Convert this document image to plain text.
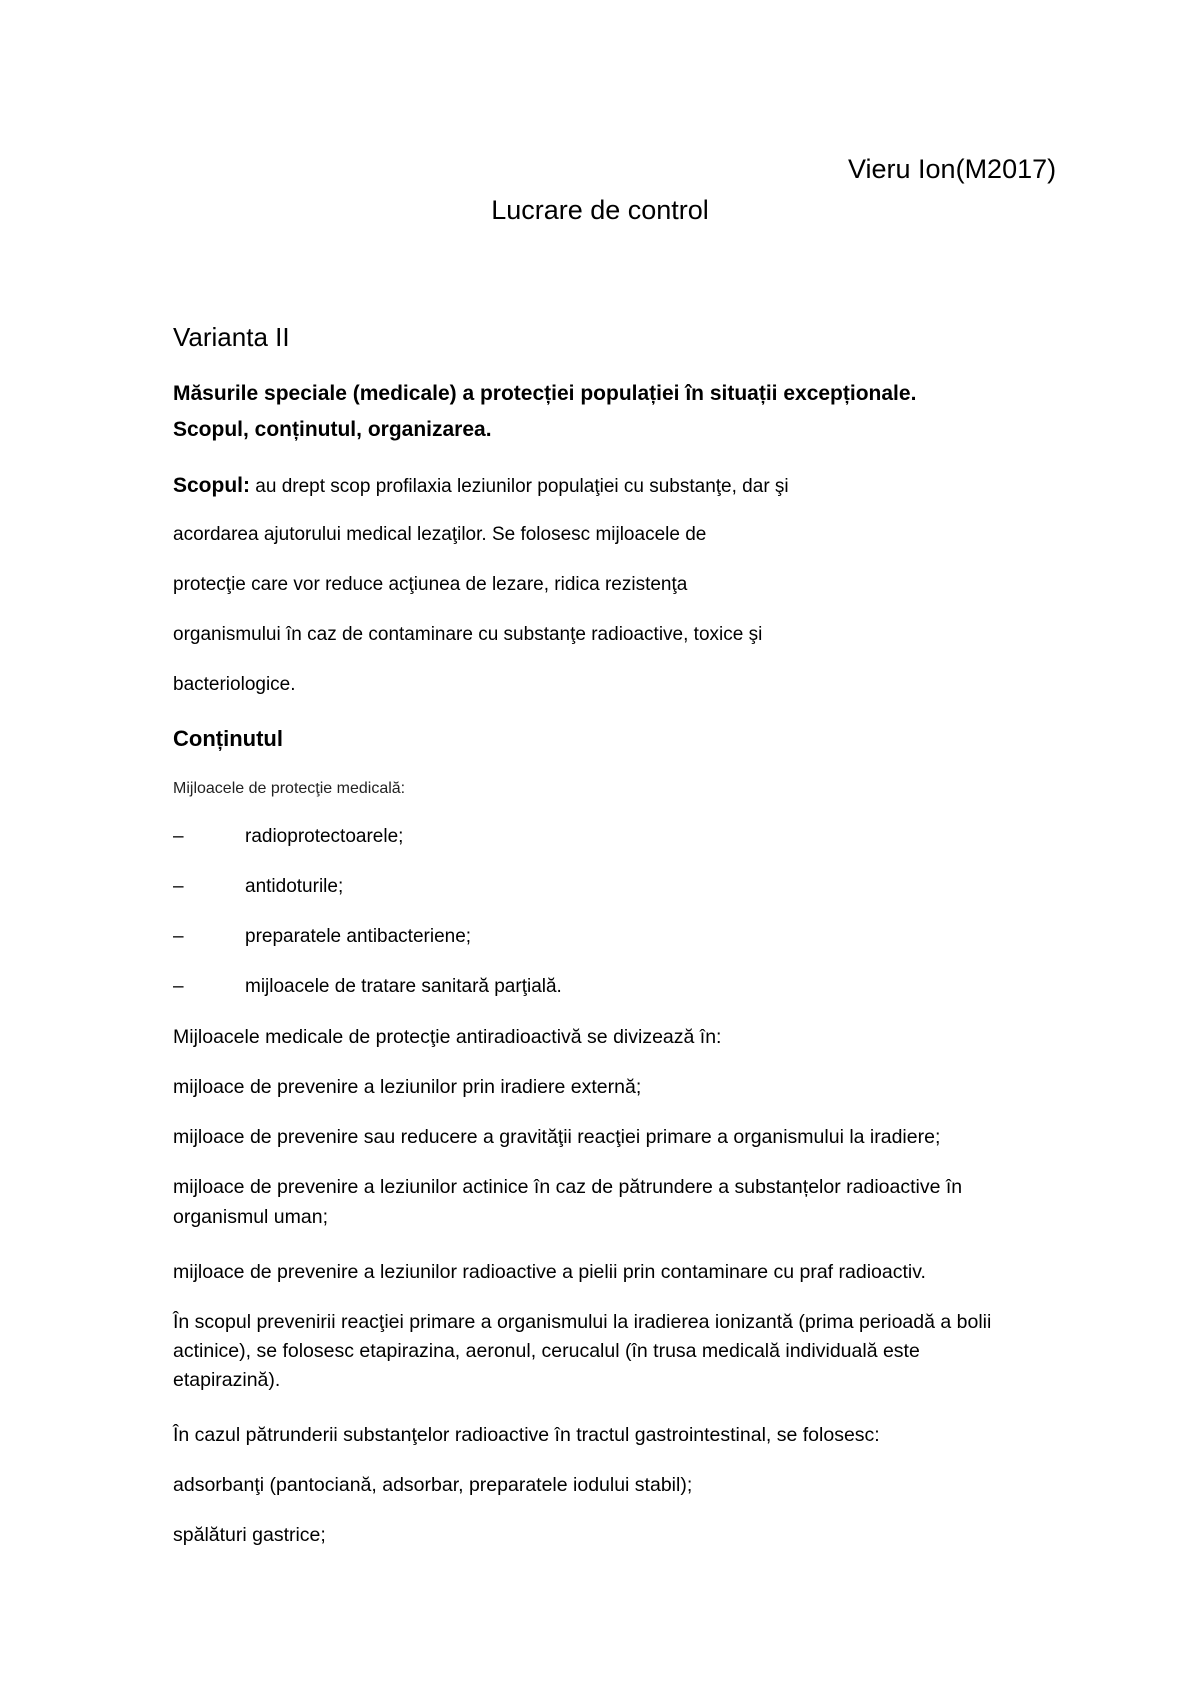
Vieru Ion(M2017)

Lucrare de control

Varianta II

Măsurile speciale (medicale) a protecției populației în situații excepționale.

Scopul, conținutul, organizarea.

Scopul: au drept scop profilaxia leziunilor populaţiei cu substanţe, dar şi

acordarea ajutorului medical lezaţilor. Se folosesc mijloacele de

protecţie care vor reduce acţiunea de lezare, ridica rezistenţa

organismului în caz de contaminare cu substanţe radioactive, toxice şi

bacteriologice.

Conținutul

Mijloacele de protecţie medicală:

–	radioprotectoarele;
–	antidoturile;
–	preparatele antibacteriene;
–	mijloacele de tratare sanitară parţială.

Mijloacele medicale de protecţie antiradioactivă se divizează în:

mijloace de prevenire a leziunilor prin iradiere externă;

mijloace de prevenire sau reducere a gravităţii reacţiei primare a organismului la iradiere;

mijloace de prevenire a leziunilor actinice în caz de pătrundere a substanțelor radioactive în

organismul uman;

mijloace de prevenire a leziunilor radioactive a pielii prin contaminare cu praf radioactiv.

În scopul prevenirii reacţiei primare a organismului la iradierea ionizantă (prima perioadă a bolii

actinice), se folosesc etapirazina, aeronul, cerucalul (în trusa medicală individuală este

etapirazină).

În cazul pătrunderii substanţelor radioactive în tractul gastrointestinal, se folosesc:

adsorbanţi (pantociană, adsorbar, preparatele iodului stabil);

spălături gastrice;
